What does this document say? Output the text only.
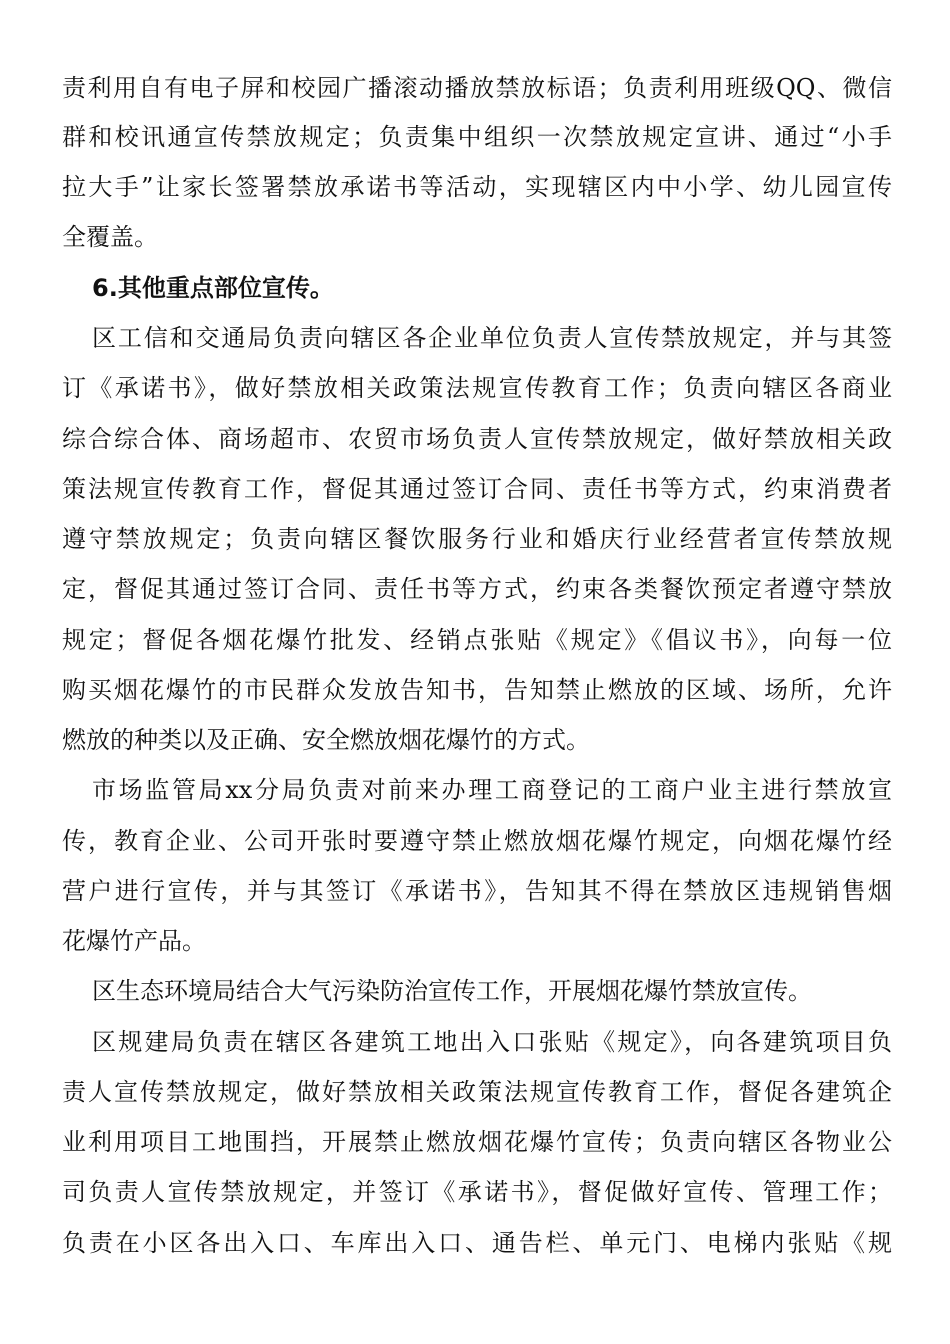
责利用自有电子屏和校园广播滚动播放禁放标语；负责利用班级QQ、微信
群和校讯通宣传禁放规定；负责集中组织一次禁放规定宣讲、通过“小手
拉大手”让家长签署禁放承诺书等活动，实现辖区内中小学、幼儿园宣传
全覆盖。
6.其他重点部位宣传。
区工信和交通局负责向辖区各企业单位负责人宣传禁放规定，并与其签
订《承诺书》，做好禁放相关政策法规宣传教育工作；负责向辖区各商业
综合综合体、商场超市、农贸市场负责人宣传禁放规定，做好禁放相关政
策法规宣传教育工作，督促其通过签订合同、责任书等方式，约束消费者
遵守禁放规定；负责向辖区餐饮服务行业和婚庆行业经营者宣传禁放规
定，督促其通过签订合同、责任书等方式，约束各类餐饮预定者遵守禁放
规定；督促各烟花爆竹批发、经销点张贴《规定》《倡议书》，向每一位
购买烟花爆竹的市民群众发放告知书，告知禁止燃放的区域、场所，允许
燃放的种类以及正确、安全燃放烟花爆竹的方式。
市场监管局xx分局负责对前来办理工商登记的工商户业主进行禁放宣
传，教育企业、公司开张时要遵守禁止燃放烟花爆竹规定，向烟花爆竹经
营户进行宣传，并与其签订《承诺书》，告知其不得在禁放区违规销售烟
花爆竹产品。
区生态环境局结合大气污染防治宣传工作，开展烟花爆竹禁放宣传。
区规建局负责在辖区各建筑工地出入口张贴《规定》，向各建筑项目负
责人宣传禁放规定，做好禁放相关政策法规宣传教育工作，督促各建筑企
业利用项目工地围挡，开展禁止燃放烟花爆竹宣传；负责向辖区各物业公
司负责人宣传禁放规定，并签订《承诺书》，督促做好宣传、管理工作；
负责在小区各出入口、车库出入口、通告栏、单元门、电梯内张贴《规
